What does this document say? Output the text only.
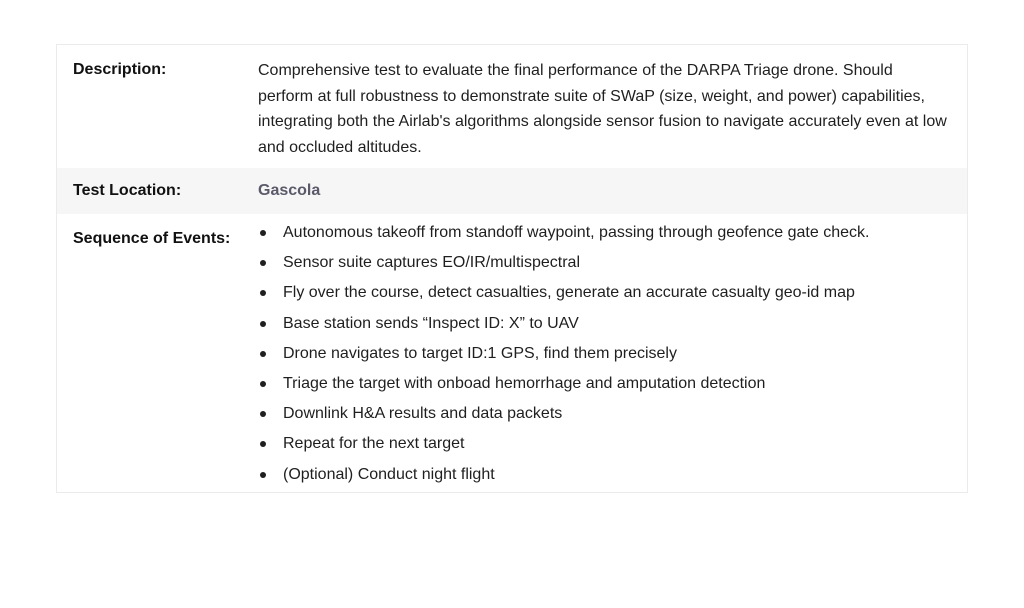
Description:	Comprehensive test to evaluate the final performance of the DARPA Triage drone. Should perform at full robustness to demonstrate suite of SWaP (size, weight, and power) capabilities, integrating both the Airlab's algorithms alongside sensor fusion to navigate accurately even at low and occluded altitudes.
Test Location:	Gascola
Sequence of Events:	Autonomous takeoff from standoff waypoint, passing through geofence gate check.
Sensor suite captures EO/IR/multispectral
Fly over the course, detect casualties, generate an accurate casualty geo-id map
Base station sends “Inspect ID: X” to UAV
Drone navigates to target ID:1 GPS, find them precisely
Triage the target with onboad hemorrhage and amputation detection
Downlink H&A results and data packets
Repeat for the next target
(Optional) Conduct night flight
